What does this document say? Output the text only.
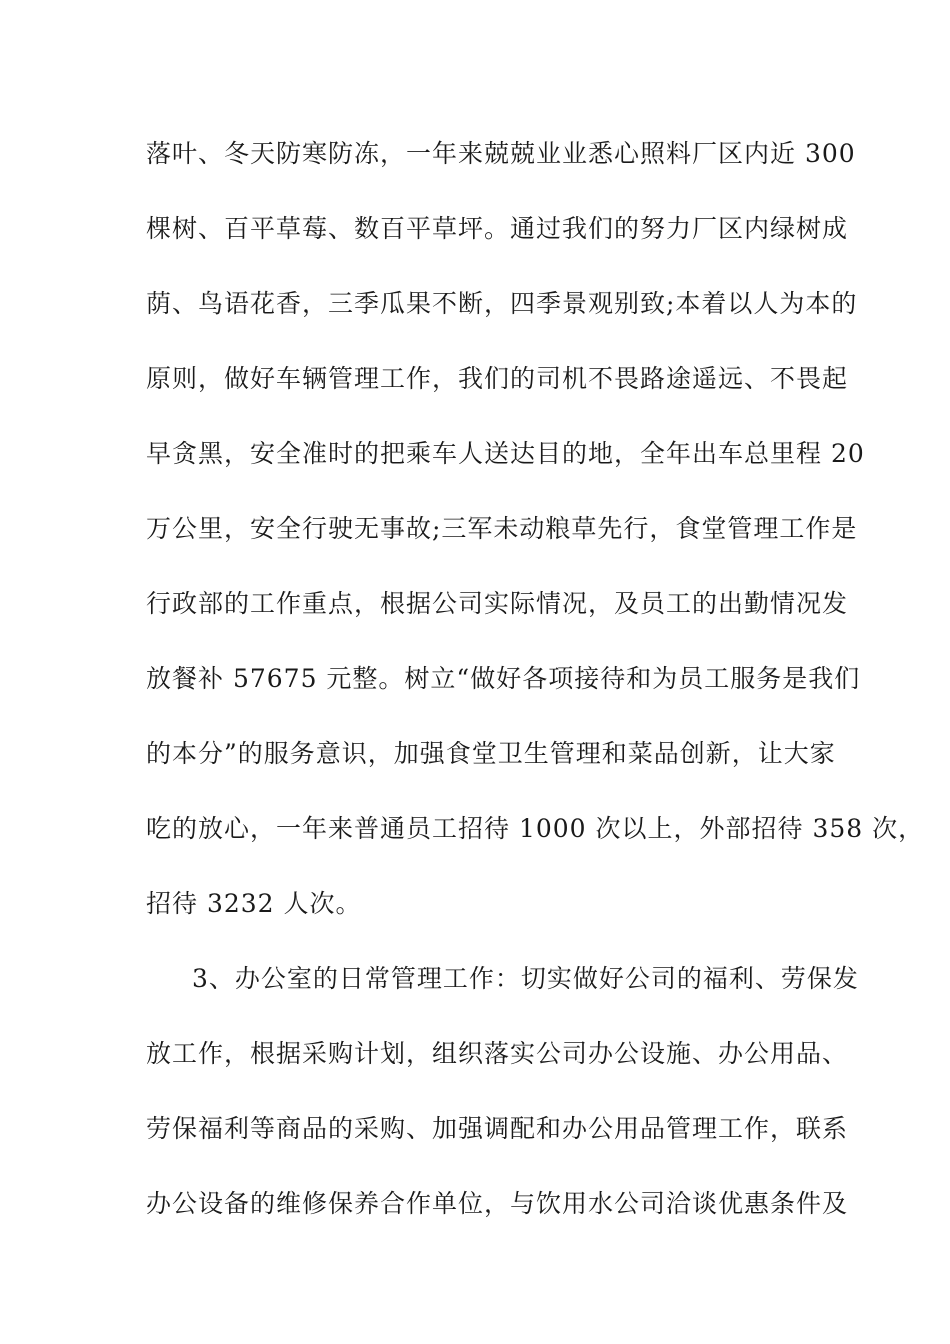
落叶、冬天防寒防冻，一年来兢兢业业悉心照料厂区内近 300
棵树、百平草莓、数百平草坪。通过我们的努力厂区内绿树成
荫、鸟语花香，三季瓜果不断，四季景观别致;本着以人为本的
原则，做好车辆管理工作，我们的司机不畏路途遥远、不畏起
早贪黑，安全准时的把乘车人送达目的地，全年出车总里程 20
万公里，安全行驶无事故;三军未动粮草先行，食堂管理工作是
行政部的工作重点，根据公司实际情况，及员工的出勤情况发
放餐补 57675 元整。树立“做好各项接待和为员工服务是我们
的本分”的服务意识，加强食堂卫生管理和菜品创新，让大家
吃的放心，一年来普通员工招待 1000 次以上，外部招待 358 次，
招待 3232 人次。
3、办公室的日常管理工作：切实做好公司的福利、劳保发
放工作，根据采购计划，组织落实公司办公设施、办公用品、
劳保福利等商品的采购、加强调配和办公用品管理工作，联系
办公设备的维修保养合作单位，与饮用水公司洽谈优惠条件及
